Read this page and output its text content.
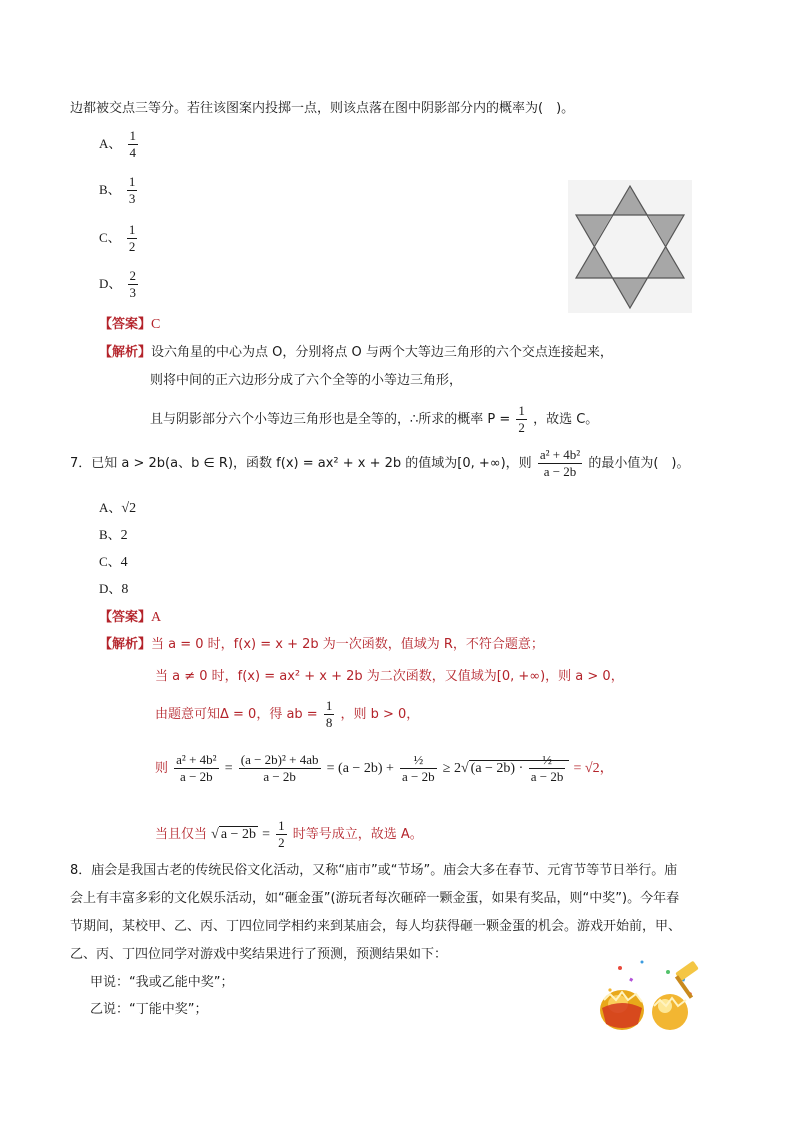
边都被交点三等分。若往该图案内投掷一点，则该点落在图中阴影部分内的概率为(　)。
A、 $\frac{1}{4}$
B、 $\frac{1}{3}$
C、 $\frac{1}{2}$
D、 $\frac{2}{3}$
【答案】C
【解析】设六角星的中心为点 O，分别将点 O 与两个大等边三角形的六个交点连接起来，
则将中间的正六边形分成了六个全等的小等边三角形，
且与阴影部分六个小等边三角形也是全等的，∴所求的概率 $P = \frac{1}{2}$ ，故选 C。
7．已知 a > 2b(a、b ∈ R)，函数 f(x) = ax² + x + 2b 的值域为[0, +∞)，则 $\frac{\text{a² + 4b²}}{a - 2b}$ 的最小值为(　)。
A、√2
B、2
C、4
D、8
【答案】A
【解析】当 a = 0 时，f(x) = x + 2b 为一次函数，值域为 R，不符合题意；
当 a ≠ 0 时，f(x) = ax² + x + 2b 为二次函数，又值域为[0, +∞)，则 a > 0，
由题意可知Δ = 0，得 ab = $\frac{1}{8}$ ，则 b > 0，
则 $\frac{\text{a² + 4b²}}{a - 2b} = \frac{\text{(a − 2b)² + 4ab}}{a - 2b} = (a - 2b) + \frac{\text{½}}{a - 2b} \ge 2√$ $(a - 2b) \cdot \frac{\text{½}}{a - 2b} = √2$，
当且仅当 √ $a - 2b = \frac{1}{2}$ 时等号成立，故选 A。
8．庙会是我国古老的传统民俗文化活动，又称“庙市”或“节场”。庙会大多在春节、元宵节等节日举行。庙
会上有丰富多彩的文化娱乐活动，如“砸金蛋”(游玩者每次砸碎一颗金蛋，如果有奖品，则“中奖”)。今年春
节期间，某校甲、乙、丙、丁四位同学相约来到某庙会，每人均获得砸一颗金蛋的机会。游戏开始前，甲、
乙、丙、丁四位同学对游戏中奖结果进行了预测，预测结果如下：
甲说：“我或乙能中奖”；
乙说：“丁能中奖”；
